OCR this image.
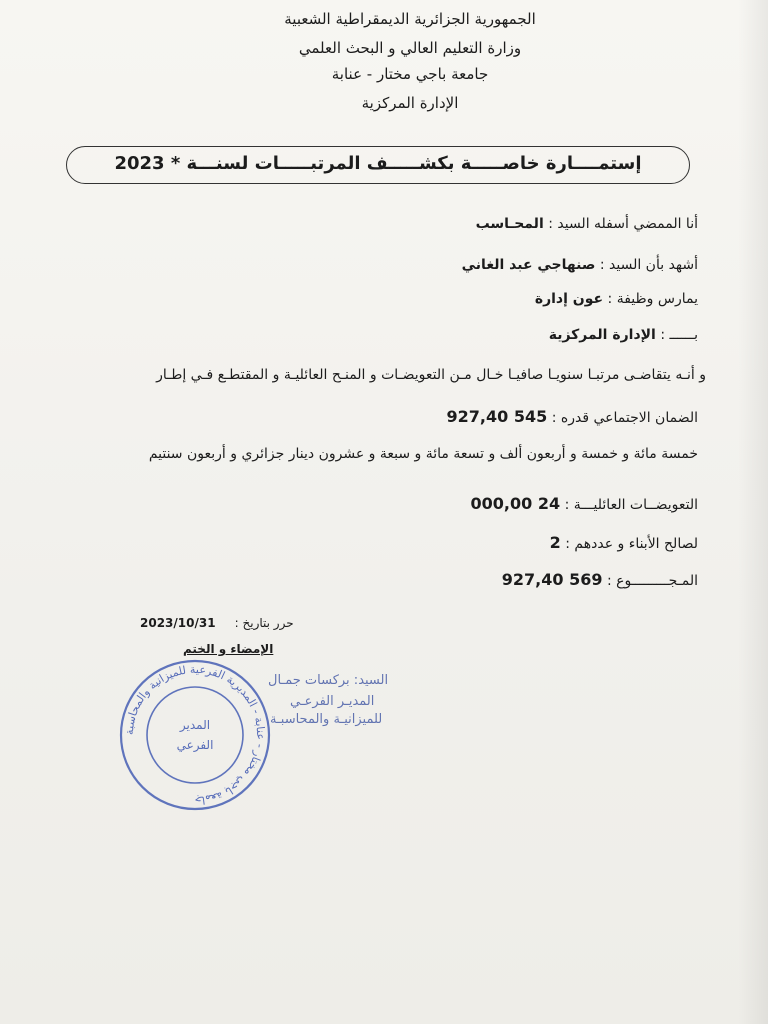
الجمهورية الجزائرية الديمقراطية الشعبية
وزارة التعليم العالي و البحث العلمي
جامعة باجي مختار - عنابة
الإدارة المركزية
إستمــــارة خاصـــــة بكشـــــف المرتبـــــات لسنـــة * 2023
أنا الممضي أسفله السيد : المحـاسب
أشهد بأن السيد : صنهاجي عبد الغاني
يمارس وظيفة : عون إدارة
بــــــ : الإدارة المركزية
و أنـه يتقاضـى مرتبـا سنويـا صافيـا خـال مـن التعويضـات و المنـح العائليـة و المقتطـع فـي إطـار
الضمان الاجتماعي قدره : 545 927,40
خمسة مائة و خمسة و أربعون ألف و تسعة مائة و سبعة و عشرون دينار جزائري و أربعون سنتيم
التعويضــات العائليـــة : 24 000,00
لصالح الأبناء و عددهم : 2
المـجـــــــــوع : 569 927,40
2023/10/31 حرر بتاريخ :
الإمضاء و الختم
جامعة باجي مختار - عنابة - المديرية الفرعية للميزانية والمحاسبة
المدير
الفرعي
السيد: بركسات جمـال
المديـر الفرعـي
للميزانيـة والمحاسبـة
